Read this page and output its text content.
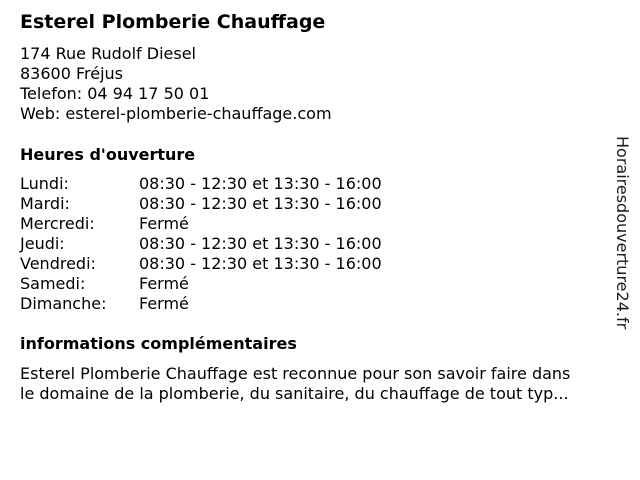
Esterel Plomberie Chauffage
174 Rue Rudolf Diesel
83600 Fréjus
Telefon: 04 94 17 50 01
Web: esterel-plomberie-chauffage.com
Heures d'ouverture
Lundi:	08:30 - 12:30 et 13:30 - 16:00
Mardi:	08:30 - 12:30 et 13:30 - 16:00
Mercredi:	Fermé
Jeudi:	08:30 - 12:30 et 13:30 - 16:00
Vendredi:	08:30 - 12:30 et 13:30 - 16:00
Samedi:	Fermé
Dimanche: Fermé
informations complémentaires
Esterel Plomberie Chauffage est reconnue pour son savoir faire dans
le domaine de la plomberie, du sanitaire, du chauffage de tout typ...
Horairesdouverture24.fr
